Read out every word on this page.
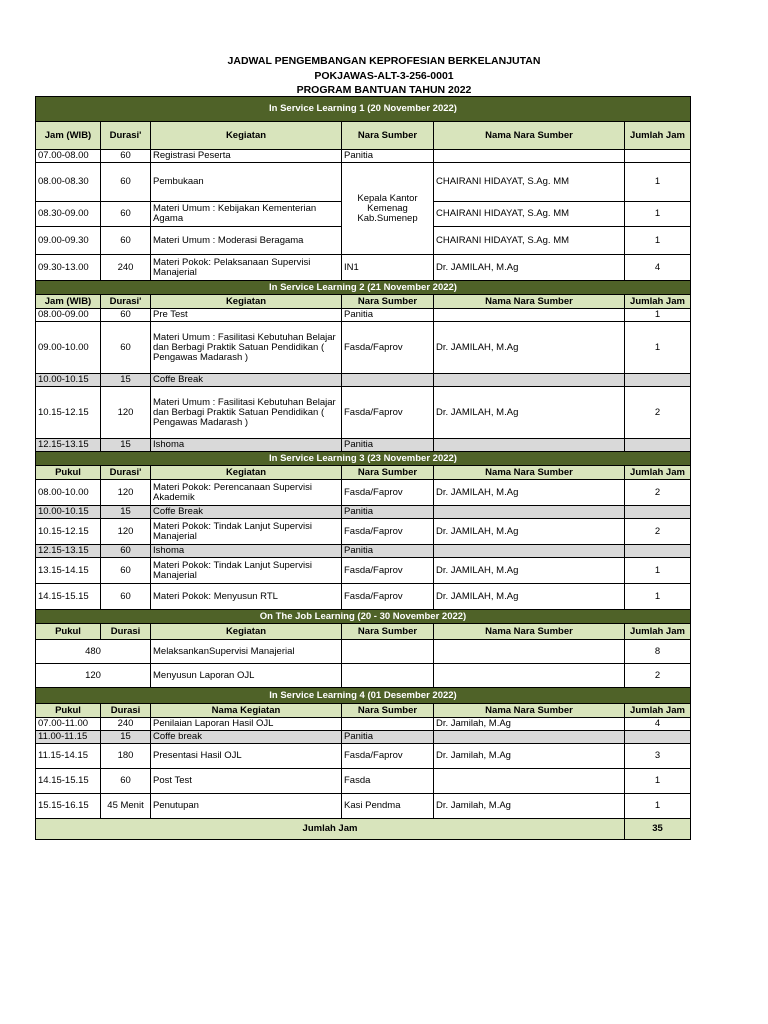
JADWAL PENGEMBANGAN KEPROFESIAN BERKELANJUTAN
POKJAWAS-ALT-3-256-0001
PROGRAM BANTUAN TAHUN 2022
In Service Learning 1 (20 November 2022)					
Jam (WIB)	Durasi'	Kegiatan	Nara Sumber	Nama Nara Sumber	Jumlah Jam
07.00-08.00	60	Registrasi Peserta	Panitia		
08.00-08.30	60	Pembukaan	Kepala Kantor Kemenag Kab.Sumenep	CHAIRANI HIDAYAT, S.Ag. MM	1
08.30-09.00	60	Materi Umum : Kebijakan Kementerian Agama		CHAIRANI HIDAYAT, S.Ag. MM	1
09.00-09.30	60	Materi Umum : Moderasi Beragama		CHAIRANI HIDAYAT, S.Ag. MM	1
09.30-13.00	240	Materi Pokok: Pelaksanaan Supervisi Manajerial	IN1	Dr. JAMILAH, M.Ag	4
In Service Learning 2 (21 November 2022)					
Jam (WIB)	Durasi'	Kegiatan	Nara Sumber	Nama Nara Sumber	Jumlah Jam
08.00-09.00	60	Pre Test	Panitia		1
09.00-10.00	60	Materi Umum : Fasilitasi Kebutuhan Belajar dan Berbagi Praktik Satuan Pendidikan ( Pengawas Madarash )	Fasda/Faprov	Dr. JAMILAH, M.Ag	1
10.00-10.15	15	Coffe Break			
10.15-12.15	120	Materi Umum : Fasilitasi Kebutuhan Belajar dan Berbagi Praktik Satuan Pendidikan ( Pengawas Madarash )	Fasda/Faprov	Dr. JAMILAH, M.Ag	2
12.15-13.15	15	Ishoma	Panitia		
In Service Learning 3 (23 November 2022)					
Pukul	Durasi'	Kegiatan	Nara Sumber	Nama Nara Sumber	Jumlah Jam
08.00-10.00	120	Materi Pokok: Perencanaan Supervisi Akademik	Fasda/Faprov	Dr. JAMILAH, M.Ag	2
10.00-10.15	15	Coffe Break	Panitia		
10.15-12.15	120	Materi Pokok: Tindak Lanjut Supervisi Manajerial	Fasda/Faprov	Dr. JAMILAH, M.Ag	2
12.15-13.15	60	Ishoma	Panitia		
13.15-14.15	60	Materi Pokok: Tindak Lanjut Supervisi Manajerial	Fasda/Faprov	Dr. JAMILAH, M.Ag	1
14.15-15.15	60	Materi Pokok: Menyusun RTL	Fasda/Faprov	Dr. JAMILAH, M.Ag	1
On The Job Learning (20 - 30 November 2022)					
Pukul	Durasi	Kegiatan	Nara Sumber	Nama Nara Sumber	Jumlah Jam
480		MelaksankanSupervisi Manajerial			8
120		Menyusun Laporan OJL			2
In Service Learning 4 (01 Desember 2022)					
Pukul	Durasi	Nama Kegiatan	Nara Sumber	Nama Nara Sumber	Jumlah Jam
07.00-11.00	240	Penilaian Laporan Hasil OJL		Dr. Jamilah, M.Ag	4
11.00-11.15	15	Coffe break	Panitia		
11.15-14.15	180	Presentasi Hasil OJL	Fasda/Faprov	Dr. Jamilah, M.Ag	3
14.15-15.15	60	Post Test	Fasda		1
15.15-16.15	45 Menit	Penutupan	Kasi Pendma	Dr. Jamilah, M.Ag	1
Jumlah Jam					35
